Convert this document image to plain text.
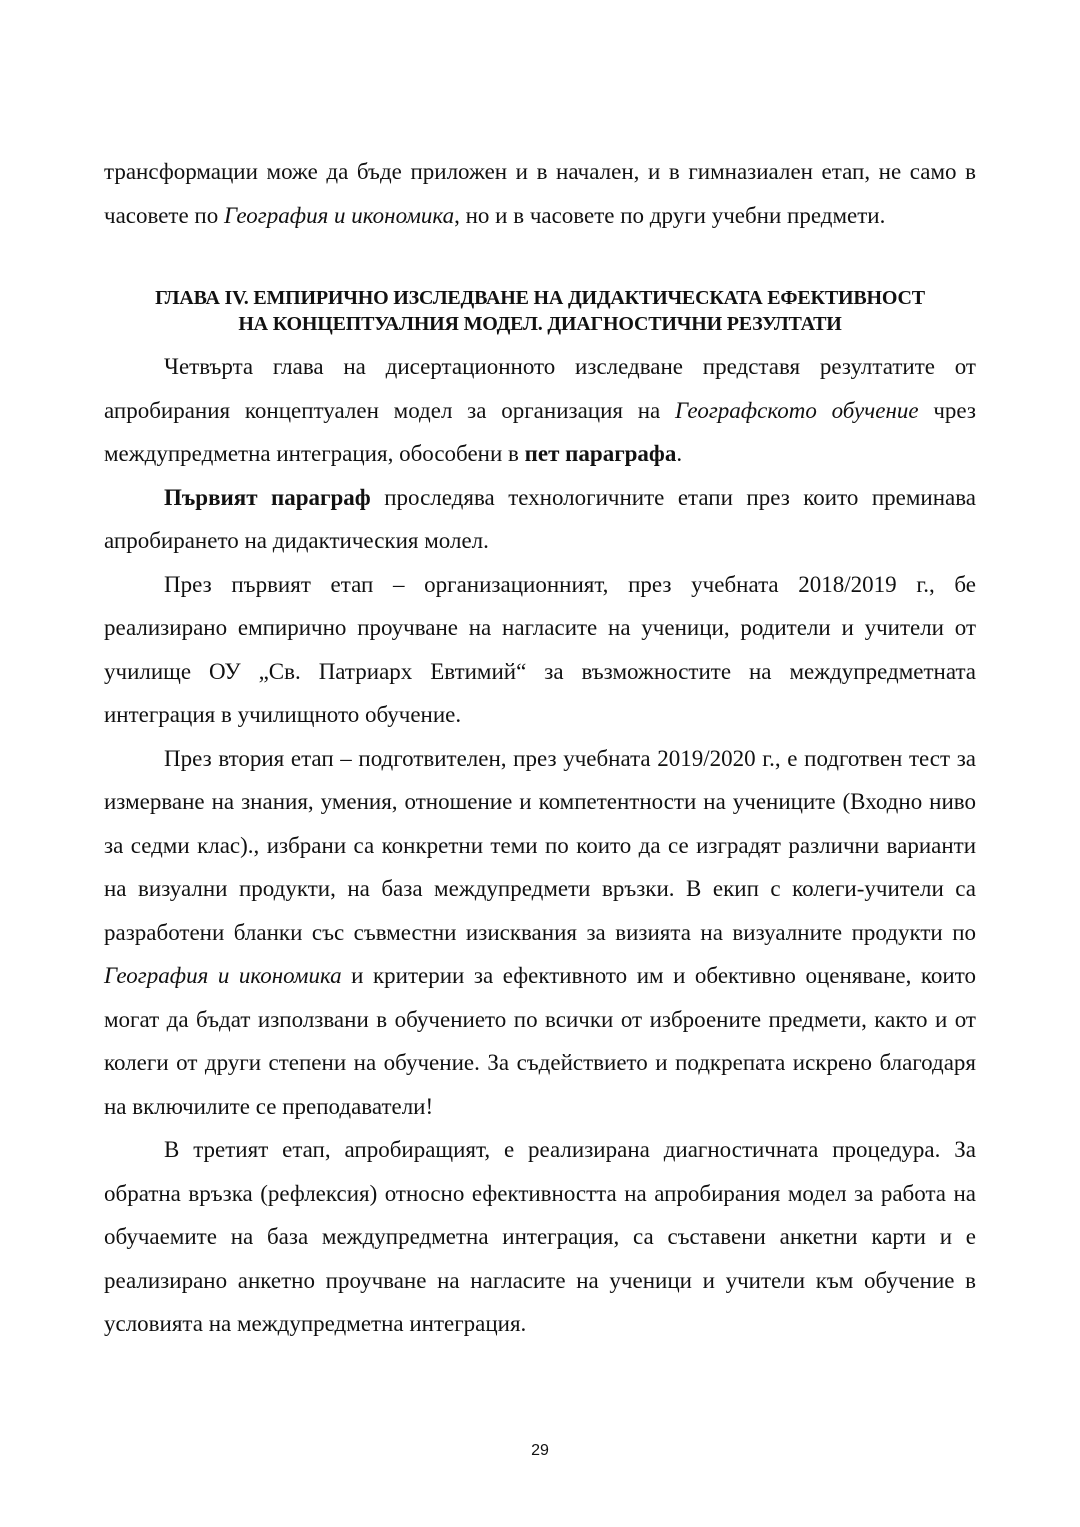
трансформации може да бъде приложен и в начален, и в гимназиален етап, не само в часовете по География и икономика, но и в часовете по други учебни предмети.

ГЛАВА IV. ЕМПИРИЧНО ИЗСЛЕДВАНЕ НА ДИДАКТИЧЕСКАТА ЕФЕКТИВНОСТ

НА КОНЦЕПТУАЛНИЯ МОДЕЛ. ДИАГНОСТИЧНИ РЕЗУЛТАТИ

Четвърта глава на дисертационното изследване представя резултатите от апробирания концептуален модел за организация на Географското обучение чрез междупредметна интеграция, обособени в пет параграфа.

Първият параграф проследява технологичните етапи през които преминава апробирането на дидактическия молел.

През първият етап – организационният, през учебната 2018/2019 г., бе реализирано емпирично проучване на нагласите на ученици, родители и учители от училище ОУ „Св. Патриарх Евтимий“ за възможностите на междупредметната интеграция в училищното обучение.

През втория етап – подготвителен, през учебната 2019/2020 г., е подготвен тест за измерване на знания, умения, отношение и компетентности на учениците (Входно ниво за седми клас)., избрани са конкретни теми по които да се изградят различни варианти на визуални продукти, на база междупредмети връзки. В екип с колеги-учители са разработени бланки със съвместни изисквания за визията на визуалните продукти по География и икономика и критерии за ефективното им и обективно оценяване, които могат да бъдат използвани в обучението по всички от изброените предмети, както и от колеги от други степени на обучение. За съдействието и подкрепата искрено благодаря на включилите се преподаватели!

В третият етап, апробиращият, е реализирана диагностичната процедура. За обратна връзка (рефлексия) относно ефективността на апробирания модел за работа на обучаемите на база междупредметна интеграция, са съставени анкетни карти и е реализирано анкетно проучване на нагласите на ученици и учители към обучение в условията на междупредметна интеграция.

29
